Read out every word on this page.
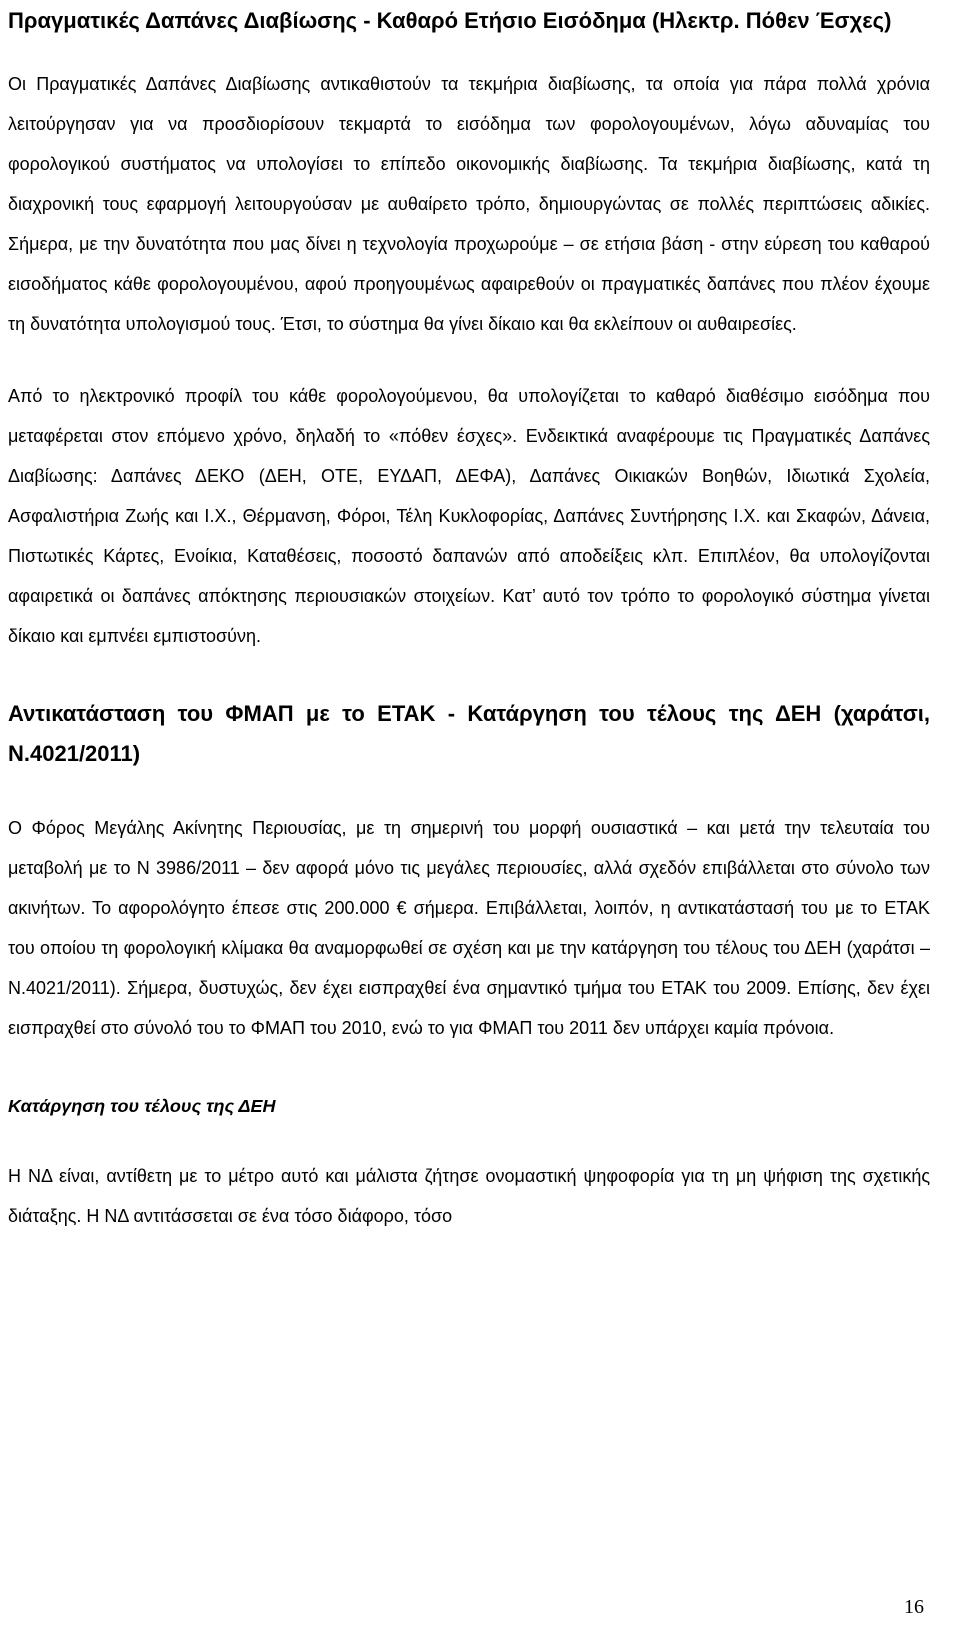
Πραγματικές Δαπάνες Διαβίωσης - Καθαρό Ετήσιο Εισόδημα (Ηλεκτρ. Πόθεν Έσχες)

Οι Πραγματικές Δαπάνες Διαβίωσης αντικαθιστούν τα τεκμήρια διαβίωσης, τα οποία για πάρα πολλά χρόνια λειτούργησαν για να προσδιορίσουν τεκμαρτά το εισόδημα των φορολογουμένων, λόγω αδυναμίας του φορολογικού συστήματος να υπολογίσει το επίπεδο οικονομικής διαβίωσης. Τα τεκμήρια διαβίωσης, κατά τη διαχρονική τους εφαρμογή λειτουργούσαν με αυθαίρετο τρόπο, δημιουργώντας σε πολλές περιπτώσεις αδικίες. Σήμερα, με την δυνατότητα που μας δίνει η τεχνολογία προχωρούμε – σε ετήσια βάση - στην εύρεση του καθαρού εισοδήματος κάθε φορολογουμένου, αφού προηγουμένως αφαιρεθούν οι πραγματικές δαπάνες που πλέον έχουμε τη δυνατότητα υπολογισμού τους. Έτσι, το σύστημα θα γίνει δίκαιο και θα εκλείπουν οι αυθαιρεσίες.

Από το ηλεκτρονικό προφίλ του κάθε φορολογούμενου, θα υπολογίζεται το καθαρό διαθέσιμο εισόδημα που μεταφέρεται στον επόμενο χρόνο, δηλαδή το «πόθεν έσχες». Ενδεικτικά αναφέρουμε τις Πραγματικές Δαπάνες Διαβίωσης: Δαπάνες ΔΕΚΟ (ΔΕΗ, ΟΤΕ, ΕΥΔΑΠ, ΔΕΦΑ), Δαπάνες Οικιακών Βοηθών, Ιδιωτικά Σχολεία, Ασφαλιστήρια Ζωής και Ι.Χ., Θέρμανση, Φόροι, Τέλη Κυκλοφορίας, Δαπάνες Συντήρησης Ι.Χ. και Σκαφών, Δάνεια, Πιστωτικές Κάρτες, Ενοίκια, Καταθέσεις, ποσοστό δαπανών από αποδείξεις κλπ. Επιπλέον, θα υπολογίζονται αφαιρετικά οι δαπάνες απόκτησης περιουσιακών στοιχείων. Κατ’ αυτό τον τρόπο το φορολογικό σύστημα γίνεται δίκαιο και εμπνέει εμπιστοσύνη.

Αντικατάσταση του ΦΜΑΠ με το ΕΤΑΚ - Κατάργηση του τέλους της ΔΕΗ (χαράτσι, Ν.4021/2011)

Ο Φόρος Μεγάλης Ακίνητης Περιουσίας, με τη σημερινή του μορφή ουσιαστικά – και μετά την τελευταία του μεταβολή με το Ν 3986/2011 – δεν αφορά μόνο τις μεγάλες περιουσίες, αλλά σχεδόν επιβάλλεται στο σύνολο των ακινήτων. Το αφορολόγητο έπεσε στις 200.000 € σήμερα. Επιβάλλεται, λοιπόν, η αντικατάστασή του με το ΕΤΑΚ του οποίου τη φορολογική κλίμακα θα αναμορφωθεί σε σχέση και με την κατάργηση του τέλους του ΔΕΗ (χαράτσι – Ν.4021/2011). Σήμερα, δυστυχώς, δεν έχει εισπραχθεί ένα σημαντικό τμήμα του ΕΤΑΚ του 2009. Επίσης, δεν έχει εισπραχθεί στο σύνολό του το ΦΜΑΠ του 2010, ενώ το για ΦΜΑΠ του 2011 δεν υπάρχει καμία πρόνοια.

Κατάργηση του τέλους της ΔΕΗ

Η ΝΔ είναι, αντίθετη με το μέτρο αυτό και μάλιστα ζήτησε ονομαστική ψηφοφορία για τη μη ψήφιση της σχετικής διάταξης. Η ΝΔ αντιτάσσεται σε ένα τόσο διάφορο, τόσο

16
